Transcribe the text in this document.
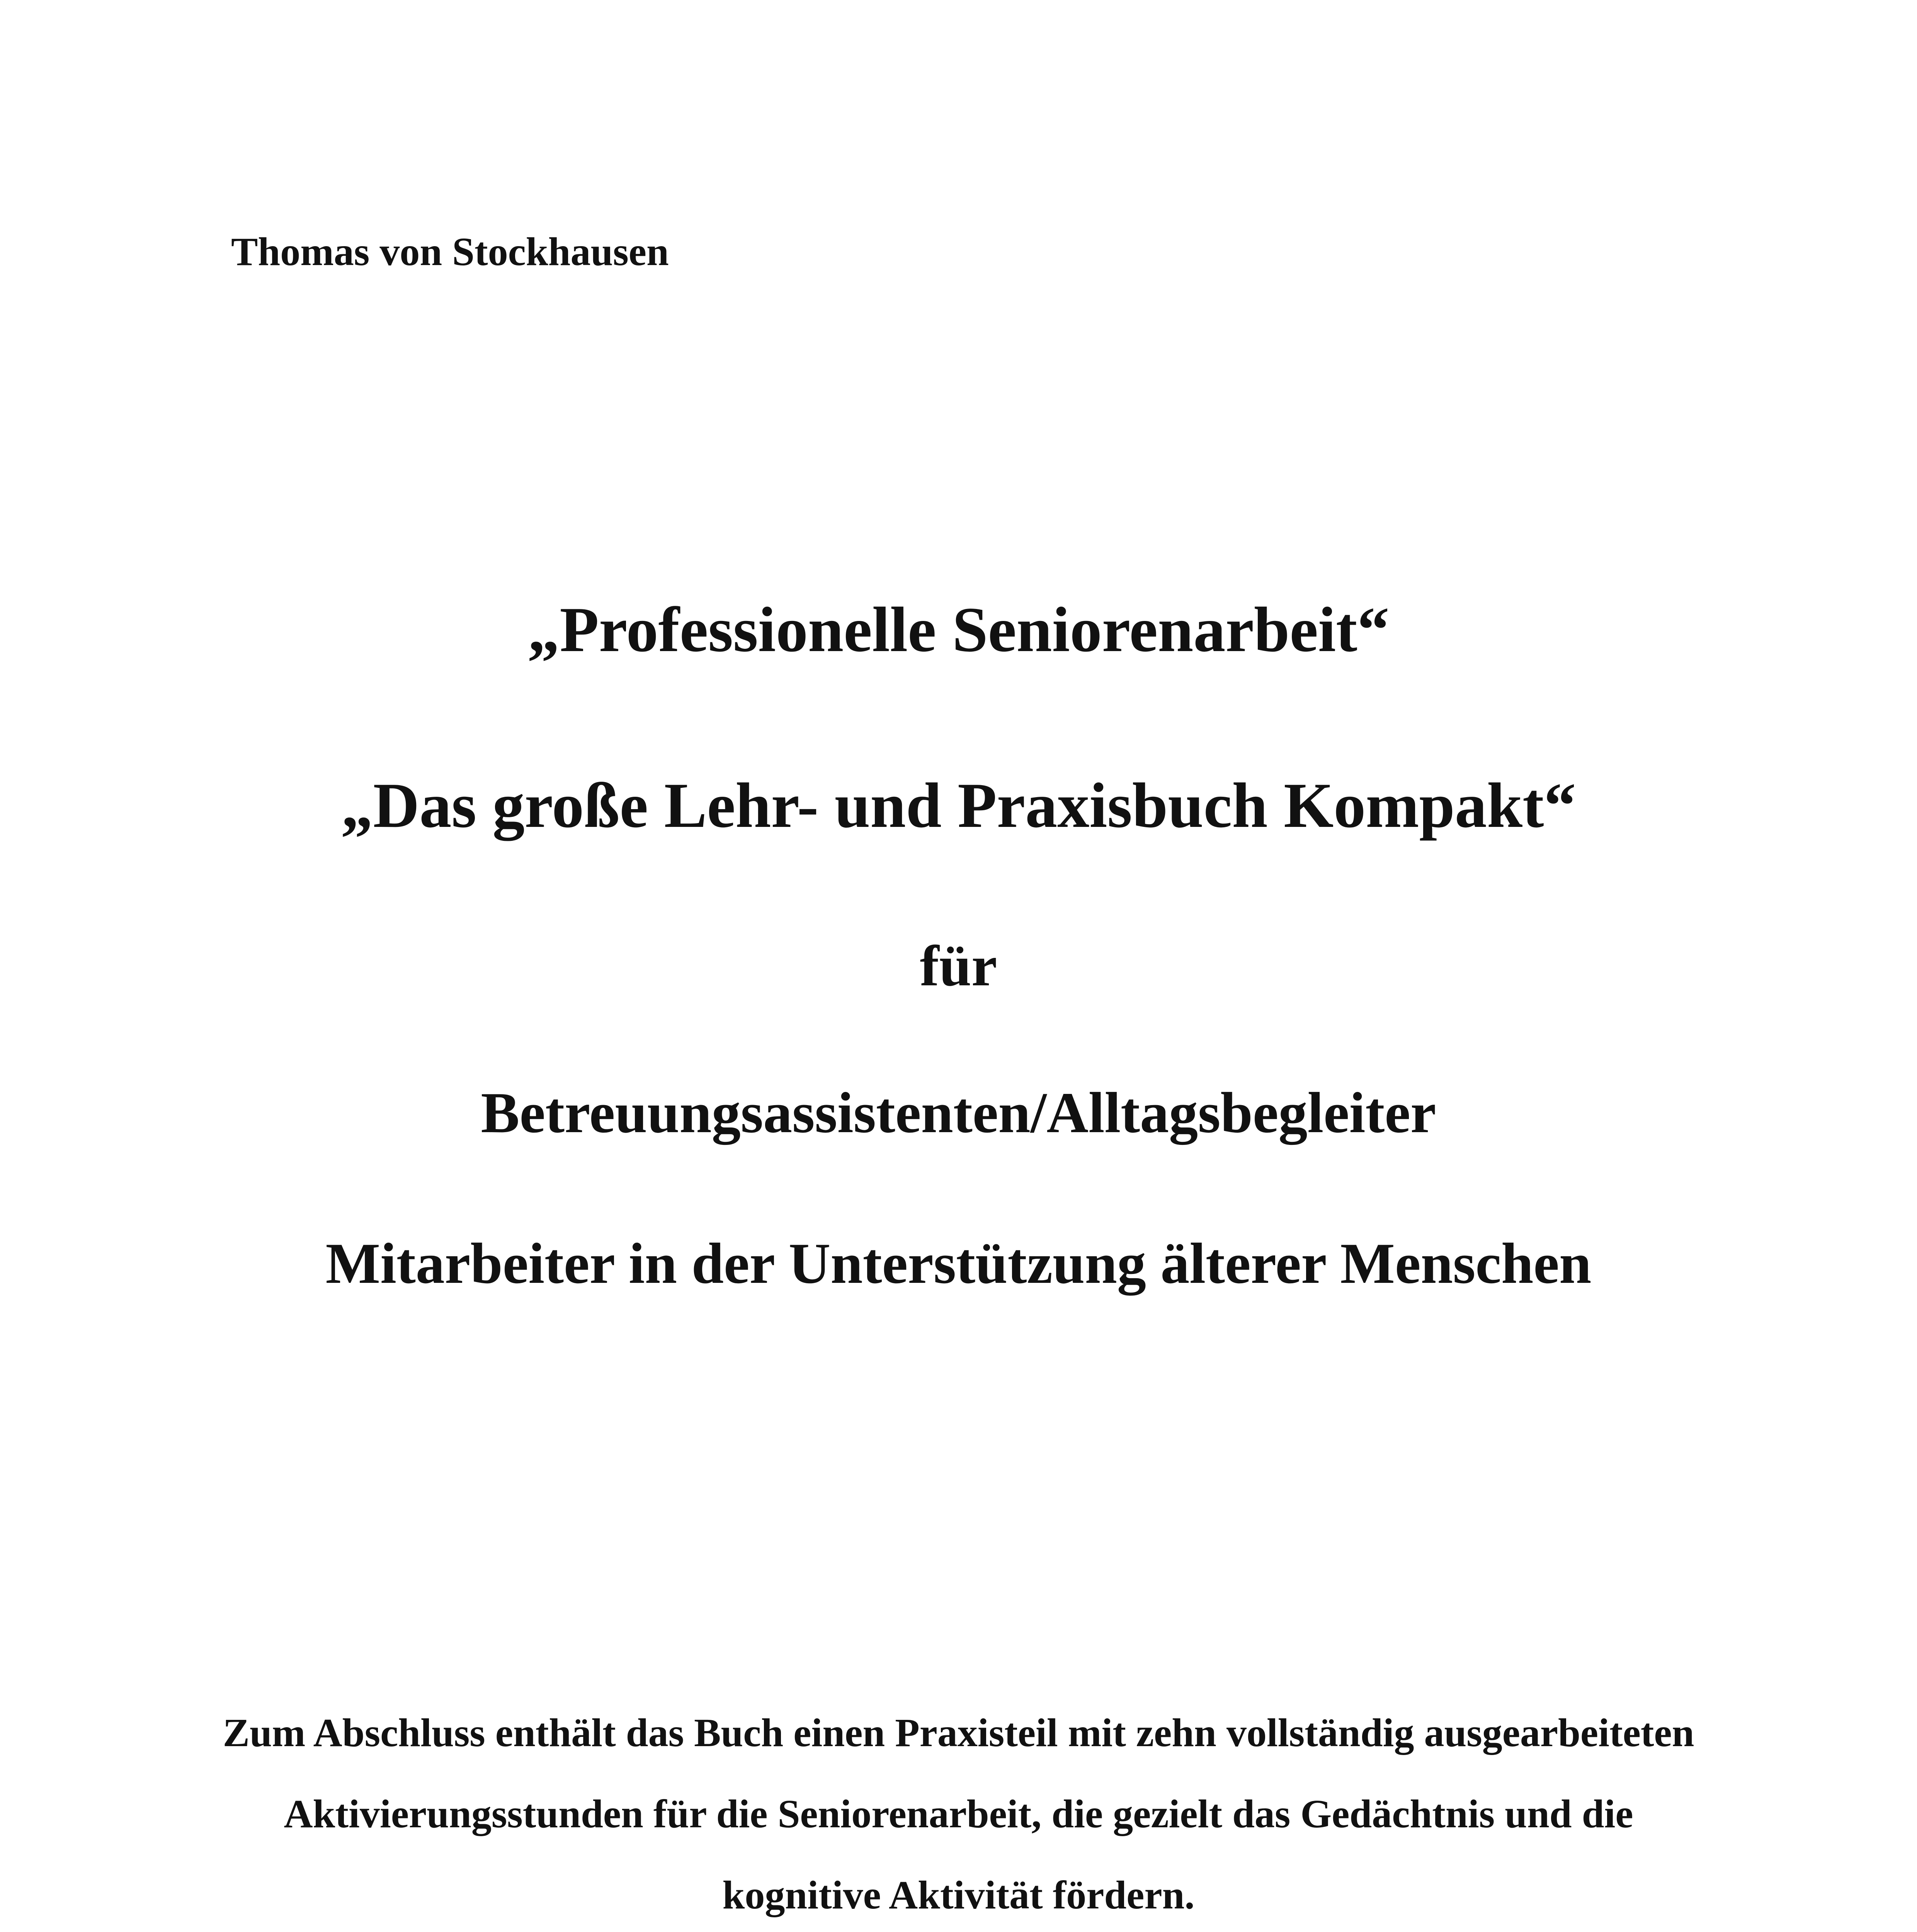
Thomas von Stockhausen
„Professionelle Seniorenarbeit“
„Das große Lehr- und Praxisbuch Kompakt“
für
Betreuungsassistenten/Alltagsbegleiter
Mitarbeiter in der Unterstützung älterer Menschen

Zum Abschluss enthält das Buch einen Praxisteil mit zehn vollständig ausgearbeiteten Aktivierungsstunden für die Seniorenarbeit, die gezielt das Gedächtnis und die kognitive Aktivität fördern.
